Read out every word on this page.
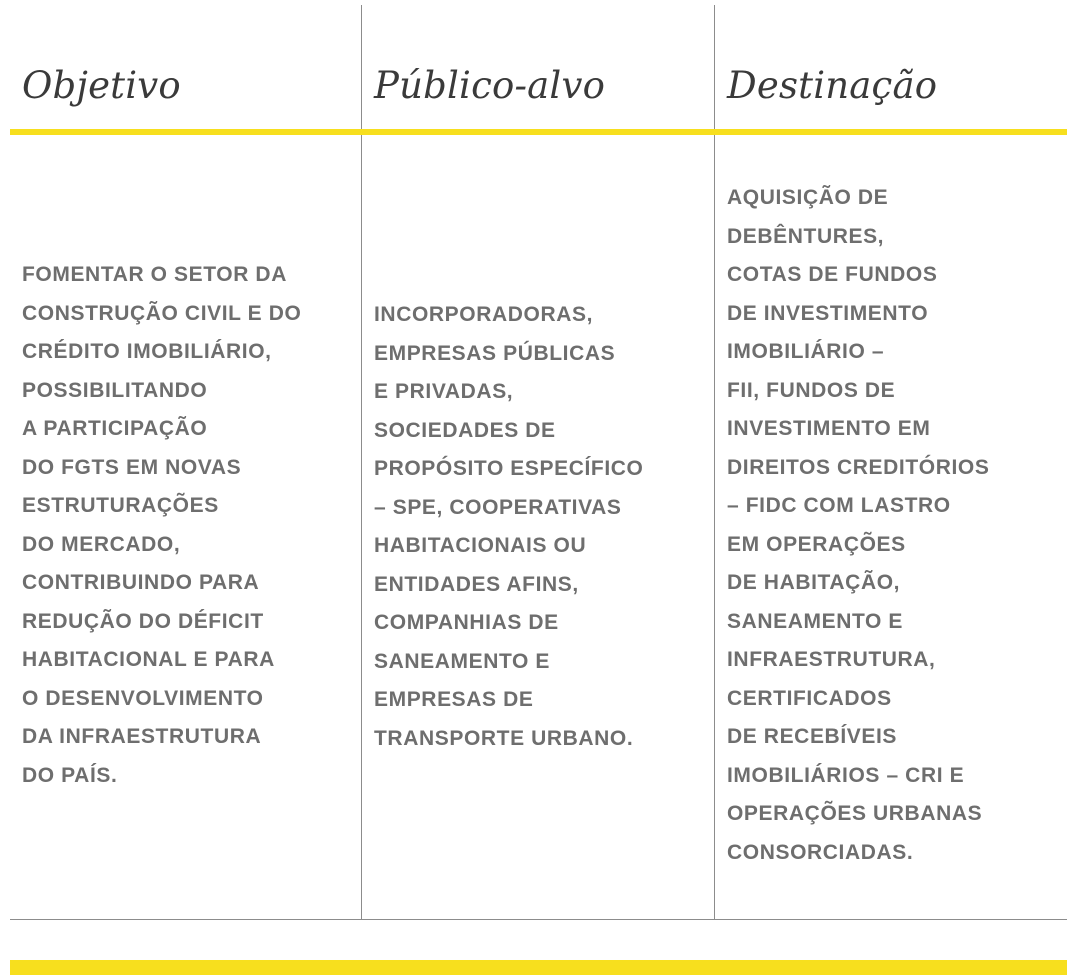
Objetivo
FOMENTAR O SETOR DA
CONSTRUÇÃO CIVIL E DO
CRÉDITO IMOBILIÁRIO,
POSSIBILITANDO
A PARTICIPAÇÃO
DO FGTS EM NOVAS
ESTRUTURAÇÕES
DO MERCADO,
CONTRIBUINDO PARA
REDUÇÃO DO DÉFICIT
HABITACIONAL E PARA
O DESENVOLVIMENTO
DA INFRAESTRUTURA
DO PAÍS.
Público-alvo
INCORPORADORAS,
EMPRESAS PÚBLICAS
E PRIVADAS,
SOCIEDADES DE
PROPÓSITO ESPECÍFICO
– SPE, COOPERATIVAS
HABITACIONAIS OU
ENTIDADES AFINS,
COMPANHIAS DE
SANEAMENTO E
EMPRESAS DE
TRANSPORTE URBANO.
Destinação
AQUISIÇÃO DE
DEBÊNTURES,
COTAS DE FUNDOS
DE INVESTIMENTO
IMOBILIÁRIO –
FII, FUNDOS DE
INVESTIMENTO EM
DIREITOS CREDITÓRIOS
– FIDC COM LASTRO
EM OPERAÇÕES
DE HABITAÇÃO,
SANEAMENTO E
INFRAESTRUTURA,
CERTIFICADOS
DE RECEBÍVEIS
IMOBILIÁRIOS – CRI E
OPERAÇÕES URBANAS
CONSORCIADAS.
